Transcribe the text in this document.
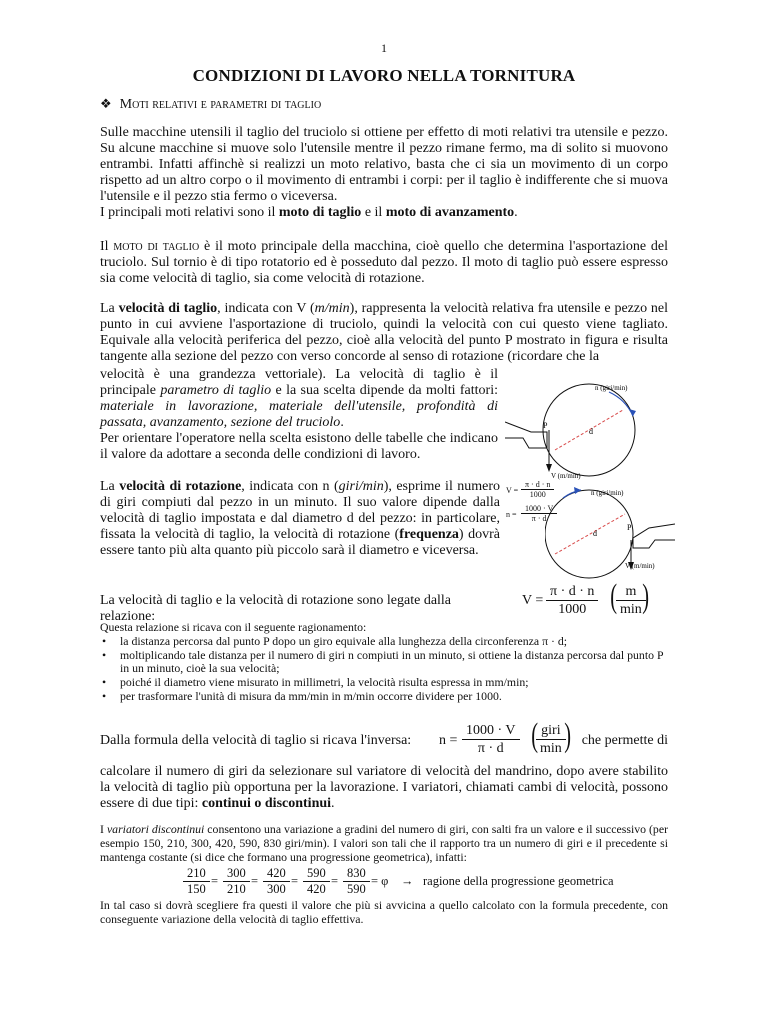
1
CONDIZIONI DI LAVORO NELLA TORNITURA
❖ Moti relativi e parametri di taglio
Sulle macchine utensili il taglio del truciolo si ottiene per effetto di moti relativi tra utensile e pezzo. Su alcune macchine si muove solo l'utensile mentre il pezzo rimane fermo, ma di solito si muovono entrambi. Infatti affinchè si realizzi un moto relativo, basta che ci sia un movimento di un corpo rispetto ad un altro corpo o il movimento di entrambi i corpi: per il taglio è indifferente che si muova l'utensile e il pezzo stia fermo o viceversa.
I principali moti relativi sono il moto di taglio e il moto di avanzamento.
Il moto di taglio è il moto principale della macchina, cioè quello che determina l'asportazione del truciolo. Sul tornio è di tipo rotatorio ed è posseduto dal pezzo. Il moto di taglio può essere espresso sia come velocità di taglio, sia come velocità di rotazione.
La velocità di taglio, indicata con V (m/min), rappresenta la velocità relativa fra utensile e pezzo nel punto in cui avviene l'asportazione di truciolo, quindi la velocità con cui questo viene tagliato. Equivale alla velocità periferica del pezzo, cioè alla velocità del punto P mostrato in figura e risulta tangente alla sezione del pezzo con verso concorde al senso di rotazione (ricordare che la
velocità è una grandezza vettoriale). La velocità di taglio è il principale parametro di taglio e la sua scelta dipende da molti fattori: materiale in lavorazione, materiale dell'utensile, profondità di passata, avanzamento, sezione del truciolo.
Per orientare l'operatore nella scelta esistono delle tabelle che indicano il valore da adottare a seconda delle condizioni di lavoro.
n (giri/min)
P
d
V (m/min)
La velocità di rotazione, indicata con n (giri/min), esprime il numero di giri compiuti dal pezzo in un minuto. Il suo valore dipende dalla velocità di taglio impostata e dal diametro d del pezzo: in particolare, fissata la velocità di taglio, la velocità di rotazione (frequenza) dovrà essere tanto più alta quanto più piccolo sarà il diametro e viceversa.
$V = \frac{\pi \cdot d \cdot n}{1000}$
$n = \frac{1000 \cdot V}{\pi \cdot d}$
n (giri/min)
P
d
V (m/min)
La velocità di taglio e la velocità di rotazione sono legate dalla relazione:
$V = \frac{\pi \cdot d \cdot n}{1000}$ ( m
min )
Questa relazione si ricava con il seguente ragionamento:
• la distanza percorsa dal punto P dopo un giro equivale alla lunghezza della circonferenza π · d;
• moltiplicando tale distanza per il numero di giri n compiuti in un minuto, si ottiene la distanza percorsa dal punto P in un minuto, cioè la sua velocità;
• poiché il diametro viene misurato in millimetri, la velocità risulta espressa in mm/min;
• per trasformare l'unità di misura da mm/min in m/min occorre dividere per 1000.
Dalla formula della velocità di taglio si ricava l'inversa: $n = \frac{1000 \cdot V}{\pi \cdot d}$ ( giri
min ) che permette di
calcolare il numero di giri da selezionare sul variatore di velocità del mandrino, dopo avere stabilito la velocità di taglio più opportuna per la lavorazione. I variatori, chiamati cambi di velocità, possono essere di due tipi: continui o discontinui.
I variatori discontinui consentono una variazione a gradini del numero di giri, con salti fra un valore e il successivo (per esempio 150, 210, 300, 420, 590, 830 giri/min). I valori son tali che il rapporto tra un numero di giri e il precedente si mantenga costante (si dice che formano una progressione geometrica), infatti:
$\frac{210}{150} = \frac{300}{210} = \frac{420}{300} = \frac{590}{420} = \frac{830}{590} = \varphi$ → ragione della progressione geometrica
In tal caso si dovrà scegliere fra questi il valore che più si avvicina a quello calcolato con la formula precedente, con conseguente variazione della velocità di taglio effettiva.
